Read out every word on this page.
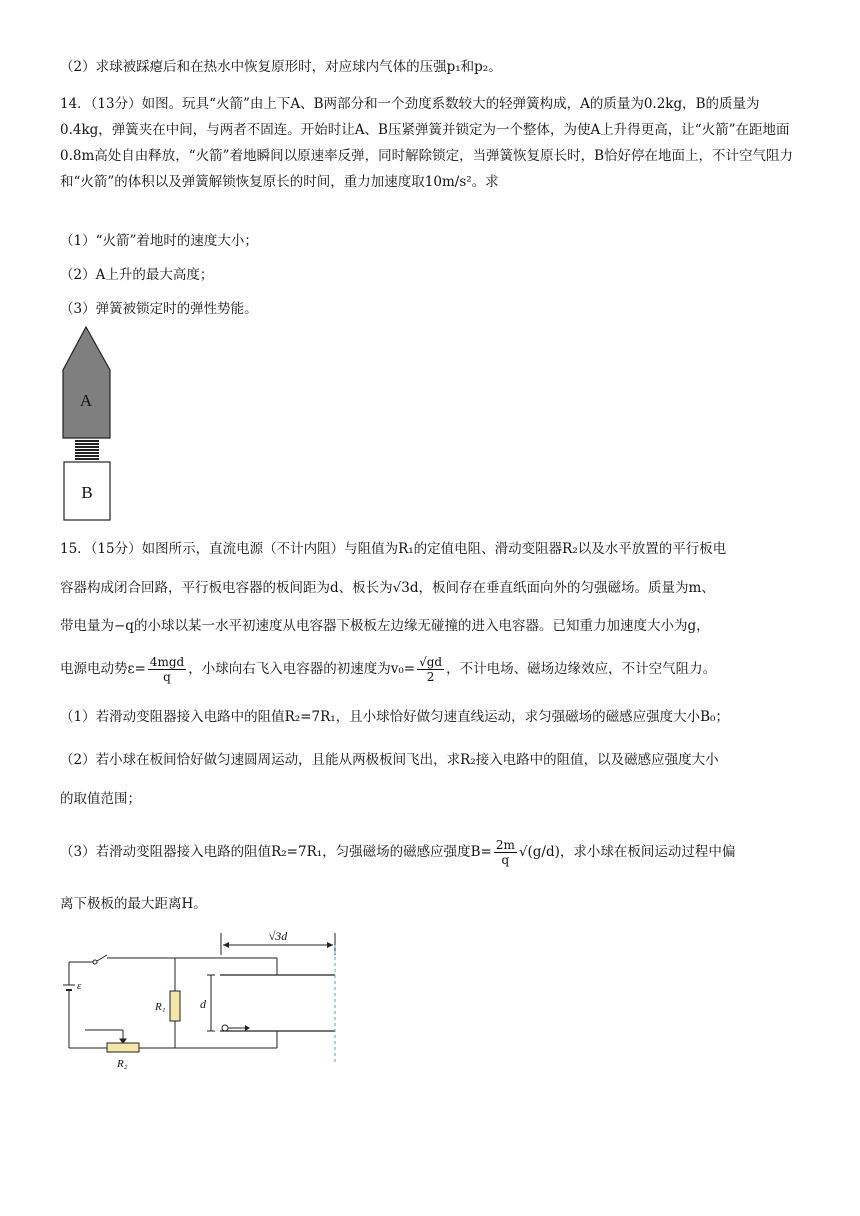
（2）求球被踩瘪后和在热水中恢复原形时，对应球内气体的压强p₁和p₂。

14．（13分）如图。玩具“火箭”由上下A、B两部分和一个劲度系数较大的轻弹簧构成，A的质量为0.2kg，B的质量为0.4kg，弹簧夹在中间，与两者不固连。开始时让A、B压紧弹簧并锁定为一个整体，为使A上升得更高，让“火箭”在距地面0.8m高处自由释放，“火箭”着地瞬间以原速率反弹，同时解除锁定，当弹簧恢复原长时，B恰好停在地面上，不计空气阻力和“火箭”的体积以及弹簧解锁恢复原长的时间，重力加速度取10m/s²。求

（1）“火箭”着地时的速度大小；

（2）A上升的最大高度；

（3）弹簧被锁定时的弹性势能。

A
B

15．（15分）如图所示，直流电源（不计内阻）与阻值为R₁的定值电阻、滑动变阻器R₂以及水平放置的平行板电

容器构成闭合回路，平行板电容器的板间距为d、板长为√3d，板间存在垂直纸面向外的匀强磁场。质量为m、

带电量为−q的小球以某一水平初速度从电容器下极板左边缘无碰撞的进入电容器。已知重力加速度大小为g，

电源电动势$\varepsilon= \frac{\text{4mgd}}{q}$ ，小球向右飞入电容器的初速度为$v_0= \frac{√gd}{2}$ ，不计电场、磁场边缘效应，不计空气阻力。

（1）若滑动变阻器接入电路中的阻值R₂=7R₁，且小球恰好做匀速直线运动，求匀强磁场的磁感应强度大小B₀；

（2）若小球在板间恰好做匀速圆周运动，且能从两极板间飞出，求R₂接入电路中的阻值，以及磁感应强度大小

的取值范围；

（3）若滑动变阻器接入电路的阻值R₂=7R₁，匀强磁场的磁感应强度$B= \frac{2m}{q} √(g/d)$，求小球在板间运动过程中偏

离下极板的最大距离H。

√3d
ε
R₁
R₂
d
